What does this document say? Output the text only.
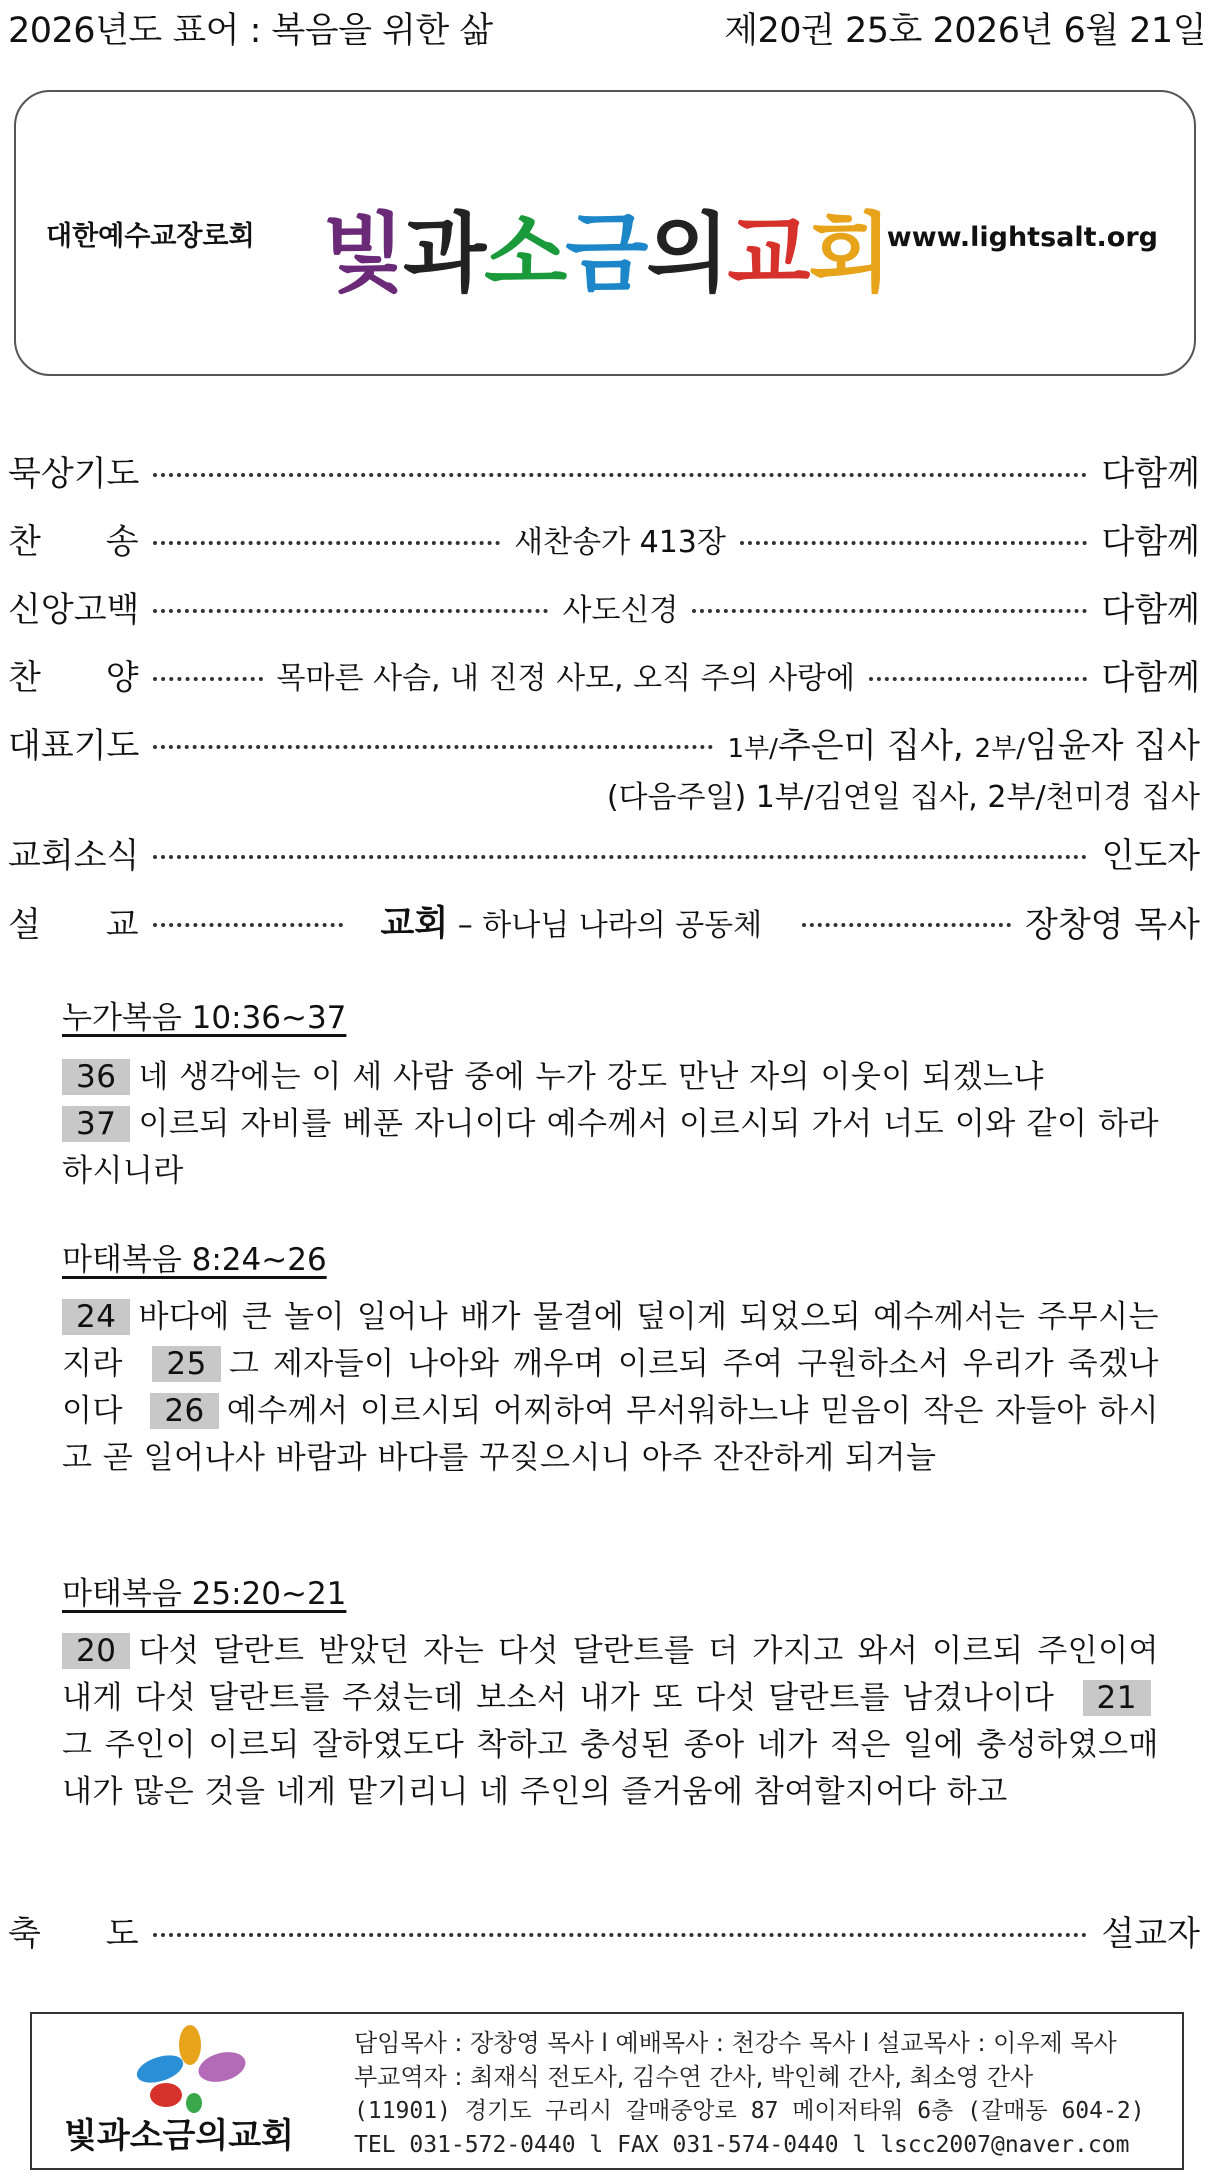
2026년도 표어 : 복음을 위한 삶	제20권 25호 2026년 6월 21일
대한예수교장로회 빛과소금의교회
www.lightsalt.org
묵상기도	다함께
찬      송	새찬송가 413장	다함께
신앙고백	사도신경	다함께
찬      양	목마른 사슴, 내 진정 사모, 오직 주의 사랑에	다함께
대표기도	1부/추은미 집사, 2부/임윤자 집사
(다음주일) 1부/김연일 집사, 2부/천미경 집사
교회소식	인도자
설      교	교회 – 하나님 나라의 공동체	장창영 목사
누가복음 10:36~37
36 네 생각에는 이 세 사람 중에 누가 강도 만난 자의 이웃이 되겠느냐
37 이르되 자비를 베푼 자니이다 예수께서 이르시되 가서 너도 이와 같이 하라 하시니라
마태복음 8:24~26
24 바다에 큰 놀이 일어나 배가 물결에 덮이게 되었으되 예수께서는 주무시는지라 25 그 제자들이 나아와 깨우며 이르되 주여 구원하소서 우리가 죽겠나이다 26 예수께서 이르시되 어찌하여 무서워하느냐 믿음이 작은 자들아 하시고 곧 일어나사 바람과 바다를 꾸짖으시니 아주 잔잔하게 되거늘
마태복음 25:20~21
20 다섯 달란트 받았던 자는 다섯 달란트를 더 가지고 와서 이르되 주인이여 내게 다섯 달란트를 주셨는데 보소서 내가 또 다섯 달란트를 남겼나이다 21그 주인이 이르되 잘하였도다 착하고 충성된 종아 네가 적은 일에 충성하였으매 내가 많은 것을 네게 맡기리니 네 주인의 즐거움에 참여할지어다 하고
축      도	설교자
빛과소금의교회
담임목사 : 장창영 목사 l 예배목사 : 천강수 목사 l 설교목사 : 이우제 목사
부교역자 : 최재식 전도사, 김수연 간사, 박인혜 간사, 최소영 간사
(11901) 경기도 구리시 갈매중앙로 87 메이저타워 6층 (갈매동 604-2)
TEL 031-572-0440 l FAX 031-574-0440 l lscc2007@naver.com
